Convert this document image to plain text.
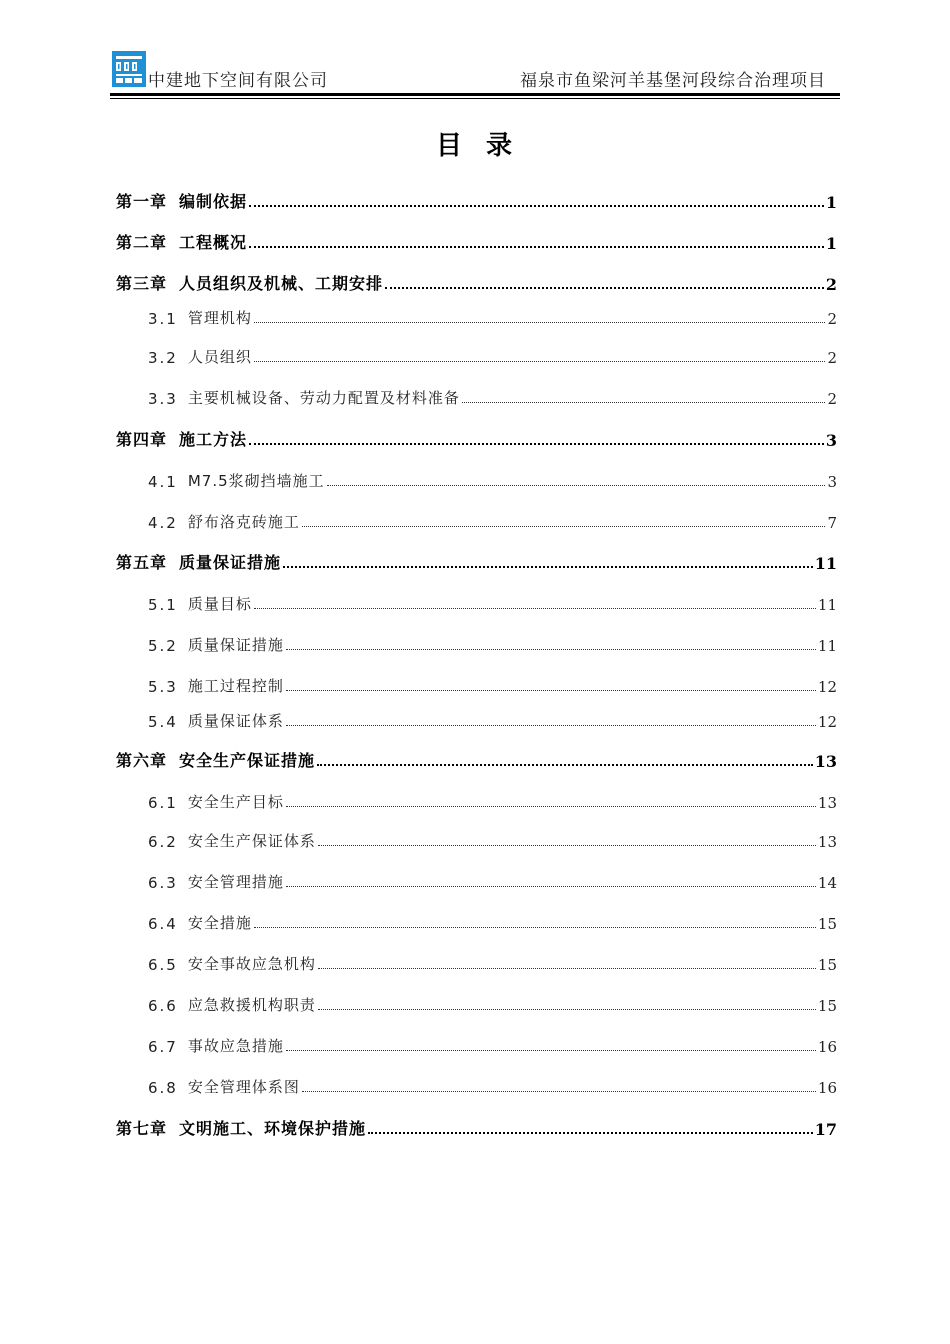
中建地下空间有限公司	福泉市鱼梁河羊基堡河段综合治理项目
目  录
第一章 编制依据	1
第二章 工程概况	1
第三章 人员组织及机械、工期安排	2
3.1 管理机构	2
3.2 人员组织	2
3.3 主要机械设备、劳动力配置及材料准备	2
第四章 施工方法	3
4.1 M7.5浆砌挡墙施工	3
4.2 舒布洛克砖施工	7
第五章 质量保证措施	11
5.1 质量目标	11
5.2 质量保证措施	11
5.3 施工过程控制	12
5.4 质量保证体系	12
第六章 安全生产保证措施	13
6.1 安全生产目标	13
6.2 安全生产保证体系	13
6.3 安全管理措施	14
6.4 安全措施	15
6.5 安全事故应急机构	15
6.6 应急救援机构职责	15
6.7 事故应急措施	16
6.8 安全管理体系图	16
第七章 文明施工、环境保护措施	17
